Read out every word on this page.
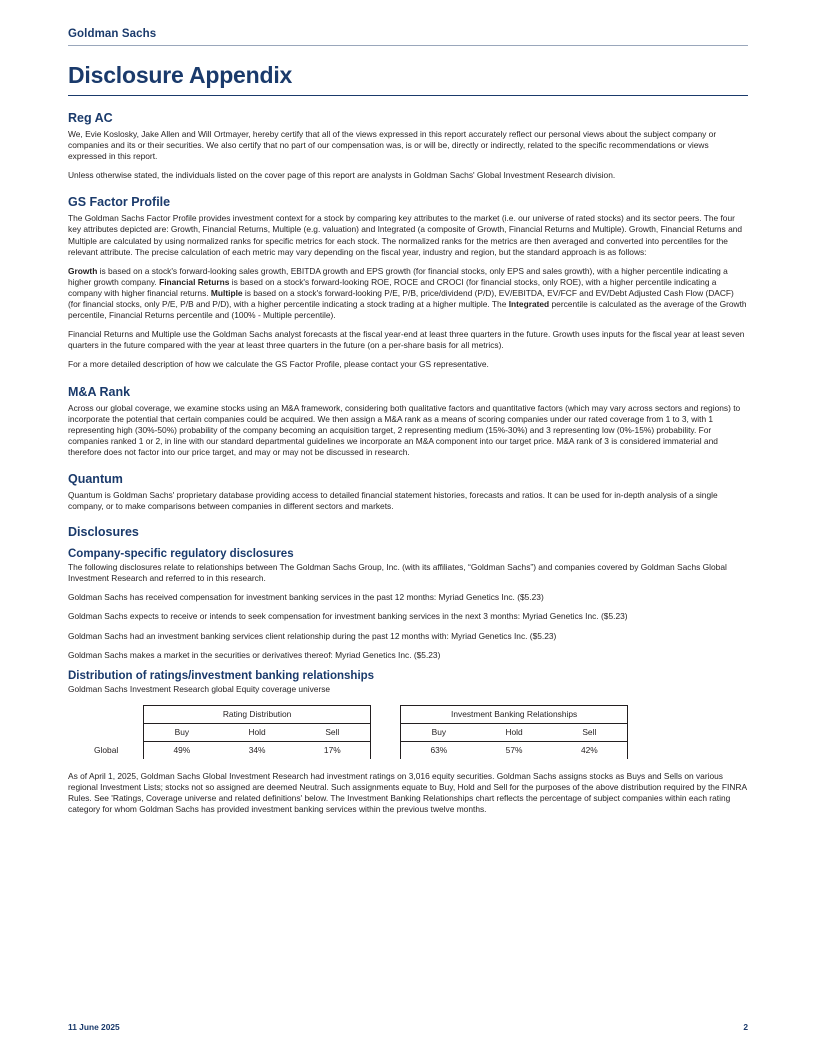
Goldman Sachs
Disclosure Appendix
Reg AC

We, Evie Koslosky, Jake Allen and Will Ortmayer, hereby certify that all of the views expressed in this report accurately reflect our personal views about the subject company or companies and its or their securities. We also certify that no part of our compensation was, is or will be, directly or indirectly, related to the specific recommendations or views expressed in this report.

Unless otherwise stated, the individuals listed on the cover page of this report are analysts in Goldman Sachs' Global Investment Research division.

GS Factor Profile

The Goldman Sachs Factor Profile provides investment context for a stock by comparing key attributes to the market (i.e. our universe of rated stocks) and its sector peers. The four key attributes depicted are: Growth, Financial Returns, Multiple (e.g. valuation) and Integrated (a composite of Growth, Financial Returns and Multiple). Growth, Financial Returns and Multiple are calculated by using normalized ranks for specific metrics for each stock. The normalized ranks for the metrics are then averaged and converted into percentiles for the relevant attribute. The precise calculation of each metric may vary depending on the fiscal year, industry and region, but the standard approach is as follows:

Growth is based on a stock's forward-looking sales growth, EBITDA growth and EPS growth (for financial stocks, only EPS and sales growth), with a higher percentile indicating a higher growth company. Financial Returns is based on a stock's forward-looking ROE, ROCE and CROCI (for financial stocks, only ROE), with a higher percentile indicating a company with higher financial returns. Multiple is based on a stock's forward-looking P/E, P/B, price/dividend (P/D), EV/EBITDA, EV/FCF and EV/Debt Adjusted Cash Flow (DACF) (for financial stocks, only P/E, P/B and P/D), with a higher percentile indicating a stock trading at a higher multiple. The Integrated percentile is calculated as the average of the Growth percentile, Financial Returns percentile and (100% - Multiple percentile).

Financial Returns and Multiple use the Goldman Sachs analyst forecasts at the fiscal year-end at least three quarters in the future. Growth uses inputs for the fiscal year at least seven quarters in the future compared with the year at least three quarters in the future (on a per-share basis for all metrics).

For a more detailed description of how we calculate the GS Factor Profile, please contact your GS representative.

M&A Rank

Across our global coverage, we examine stocks using an M&A framework, considering both qualitative factors and quantitative factors (which may vary across sectors and regions) to incorporate the potential that certain companies could be acquired. We then assign a M&A rank as a means of scoring companies under our rated coverage from 1 to 3, with 1 representing high (30%-50%) probability of the company becoming an acquisition target, 2 representing medium (15%-30%) and 3 representing low (0%-15%) probability. For companies ranked 1 or 2, in line with our standard departmental guidelines we incorporate an M&A component into our target price. M&A rank of 3 is considered immaterial and therefore does not factor into our price target, and may or may not be discussed in research.

Quantum

Quantum is Goldman Sachs' proprietary database providing access to detailed financial statement histories, forecasts and ratios. It can be used for in-depth analysis of a single company, or to make comparisons between companies in different sectors and markets.

Disclosures
Company-specific regulatory disclosures

The following disclosures relate to relationships between The Goldman Sachs Group, Inc. (with its affiliates, “Goldman Sachs”) and companies covered by Goldman Sachs Global Investment Research and referred to in this research.

Goldman Sachs has received compensation for investment banking services in the past 12 months: Myriad Genetics Inc. ($5.23)

Goldman Sachs expects to receive or intends to seek compensation for investment banking services in the next 3 months: Myriad Genetics Inc. ($5.23)

Goldman Sachs had an investment banking services client relationship during the past 12 months with: Myriad Genetics Inc. ($5.23)

Goldman Sachs makes a market in the securities or derivatives thereof: Myriad Genetics Inc. ($5.23)

Distribution of ratings/investment banking relationships

Goldman Sachs Investment Research global Equity coverage universe

	Rating Distribution				Investment Banking Relationships		
	Buy	Hold	Sell		Buy	Hold	Sell
Global	49%	34%	17%		63%	57%	42%

As of April 1, 2025, Goldman Sachs Global Investment Research had investment ratings on 3,016 equity securities. Goldman Sachs assigns stocks as Buys and Sells on various regional Investment Lists; stocks not so assigned are deemed Neutral. Such assignments equate to Buy, Hold and Sell for the purposes of the above distribution required by the FINRA Rules. See 'Ratings, Coverage universe and related definitions' below. The Investment Banking Relationships chart reflects the percentage of subject companies within each rating category for whom Goldman Sachs has provided investment banking services within the previous twelve months.

11 June 2025	2
